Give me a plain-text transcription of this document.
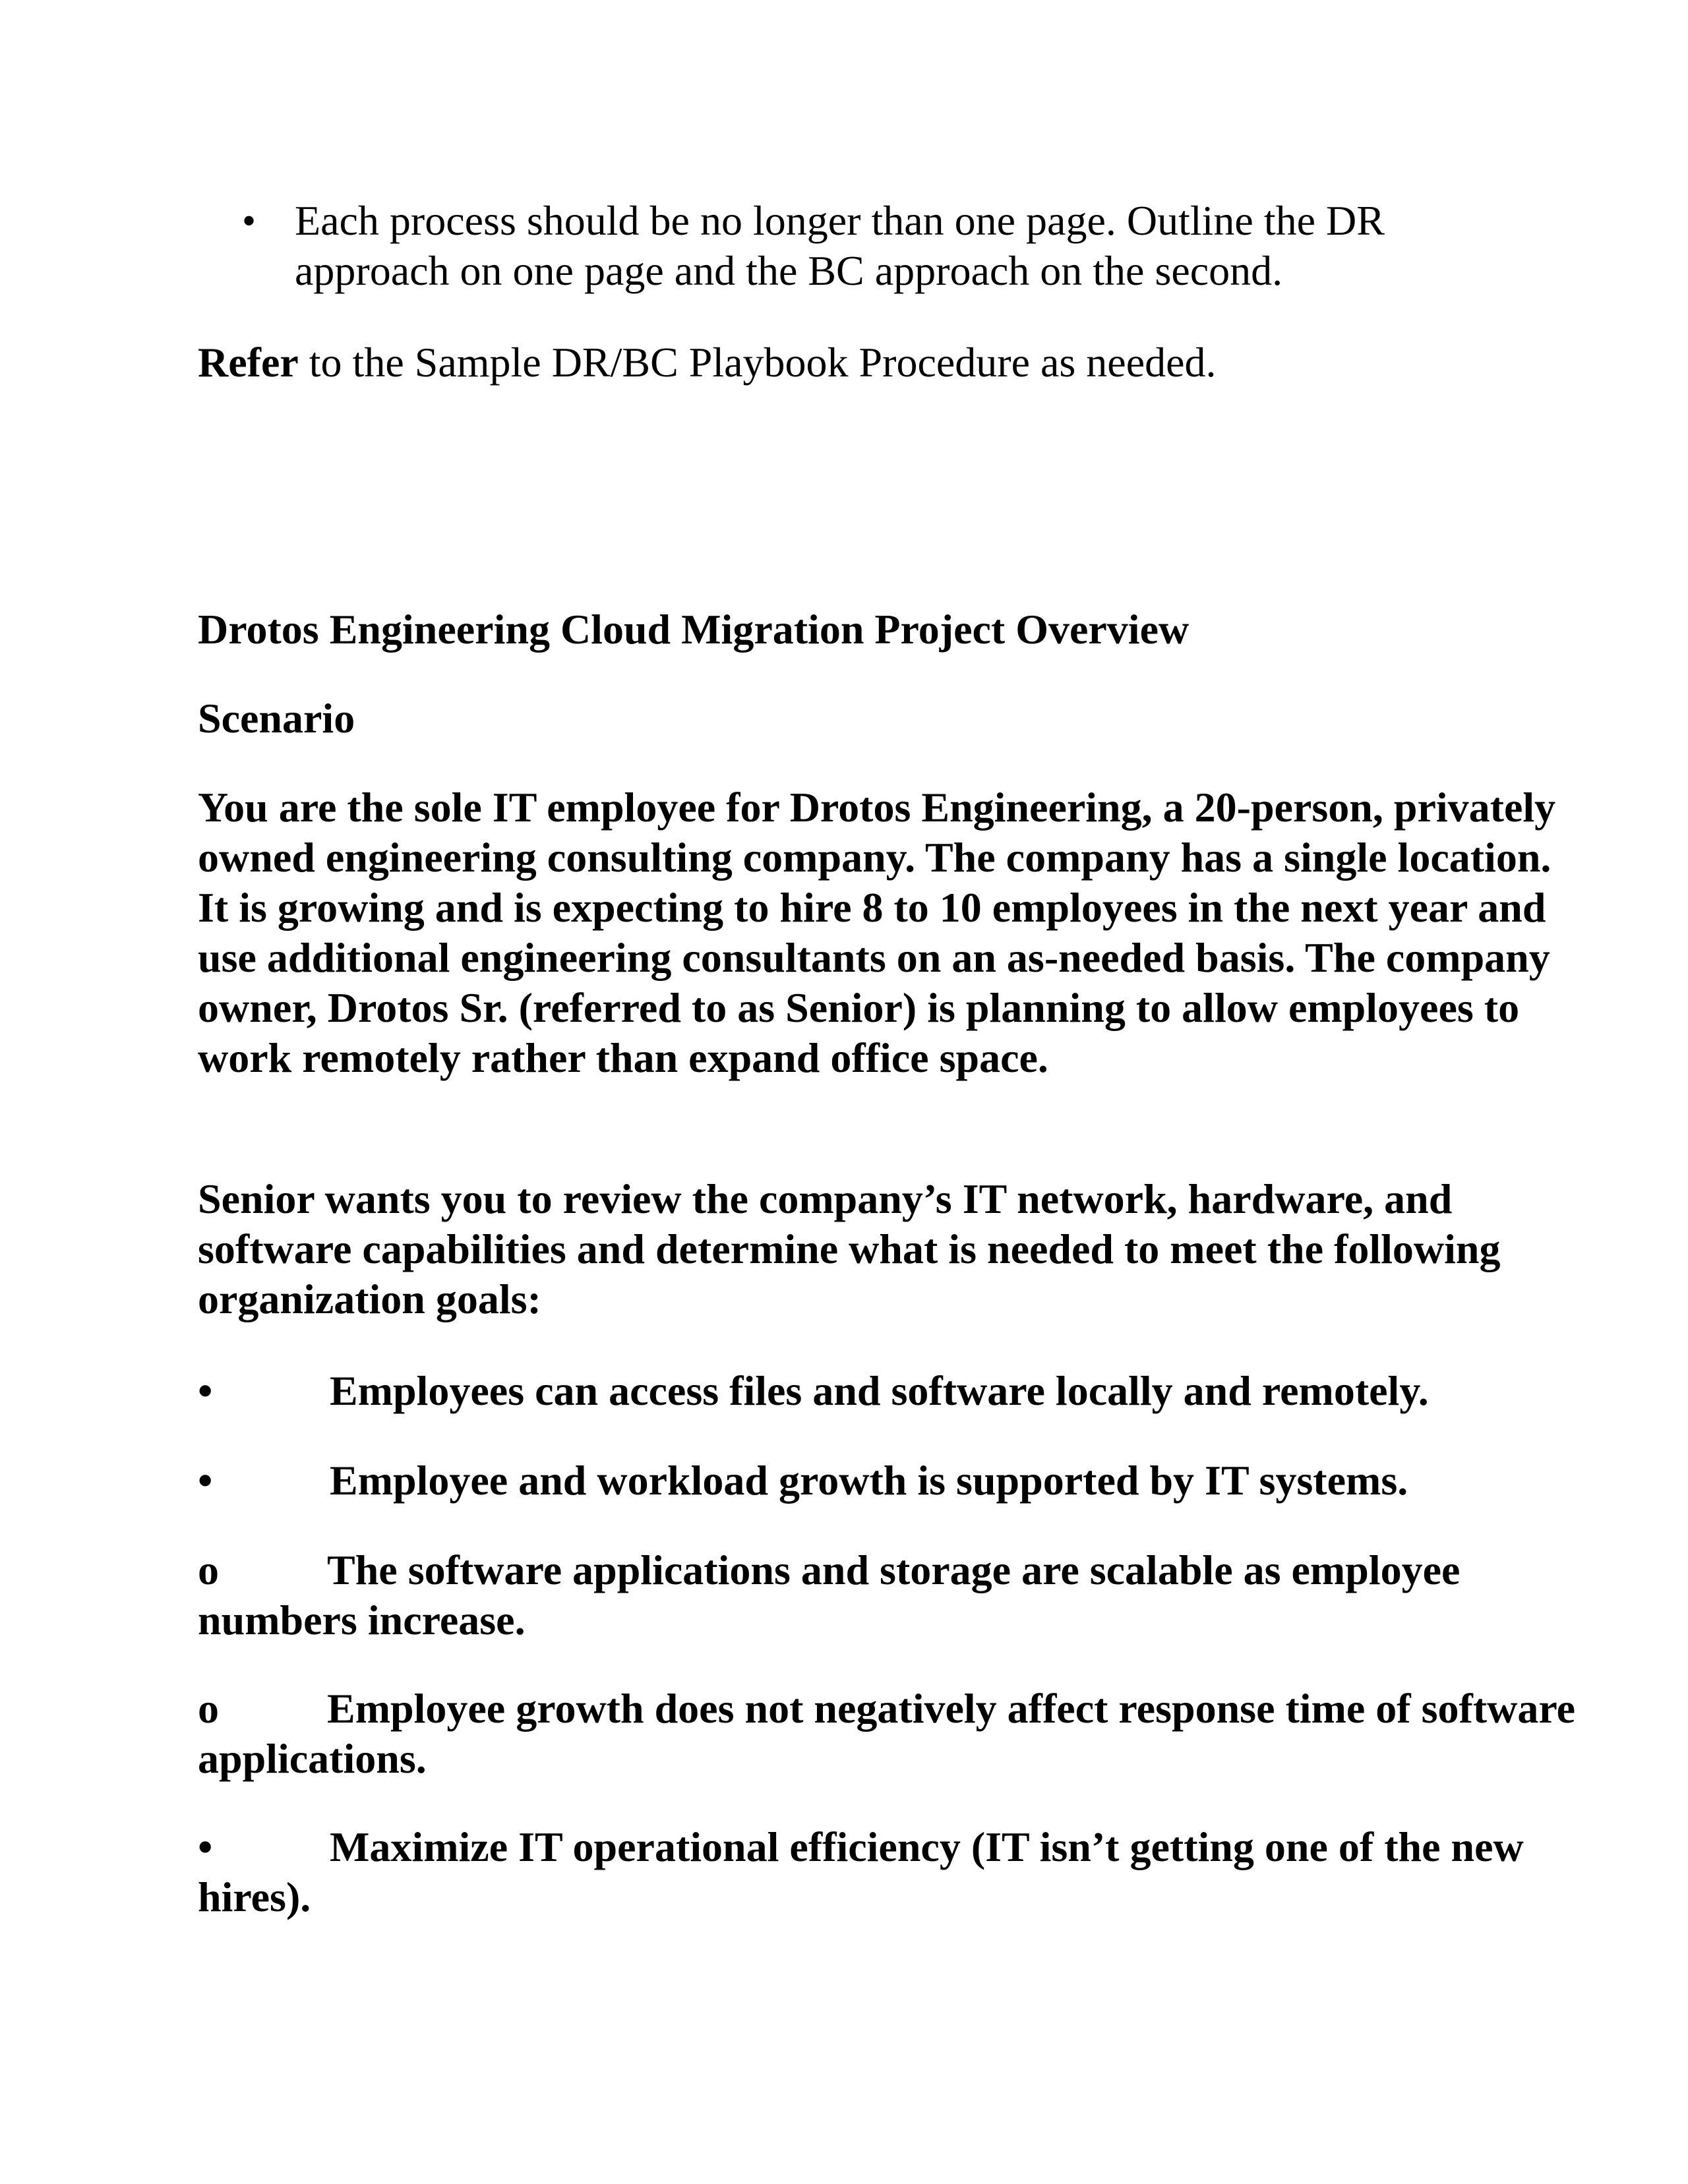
• Each process should be no longer than one page. Outline the DR approach on one page and the BC approach on the second.
Refer to the Sample DR/BC Playbook Procedure as needed.
Drotos Engineering Cloud Migration Project Overview
Scenario
You are the sole IT employee for Drotos Engineering, a 20-person, privately owned engineering consulting company. The company has a single location. It is growing and is expecting to hire 8 to 10 employees in the next year and use additional engineering consultants on an as-needed basis. The company owner, Drotos Sr. (referred to as Senior) is planning to allow employees to work remotely rather than expand office space.
Senior wants you to review the company’s IT network, hardware, and software capabilities and determine what is needed to meet the following organization goals:
•	Employees can access files and software locally and remotely.
•	Employee and workload growth is supported by IT systems.
o	The software applications and storage are scalable as employee numbers increase.
o	Employee growth does not negatively affect response time of software applications.
•	Maximize IT operational efficiency (IT isn’t getting one of the new hires).
